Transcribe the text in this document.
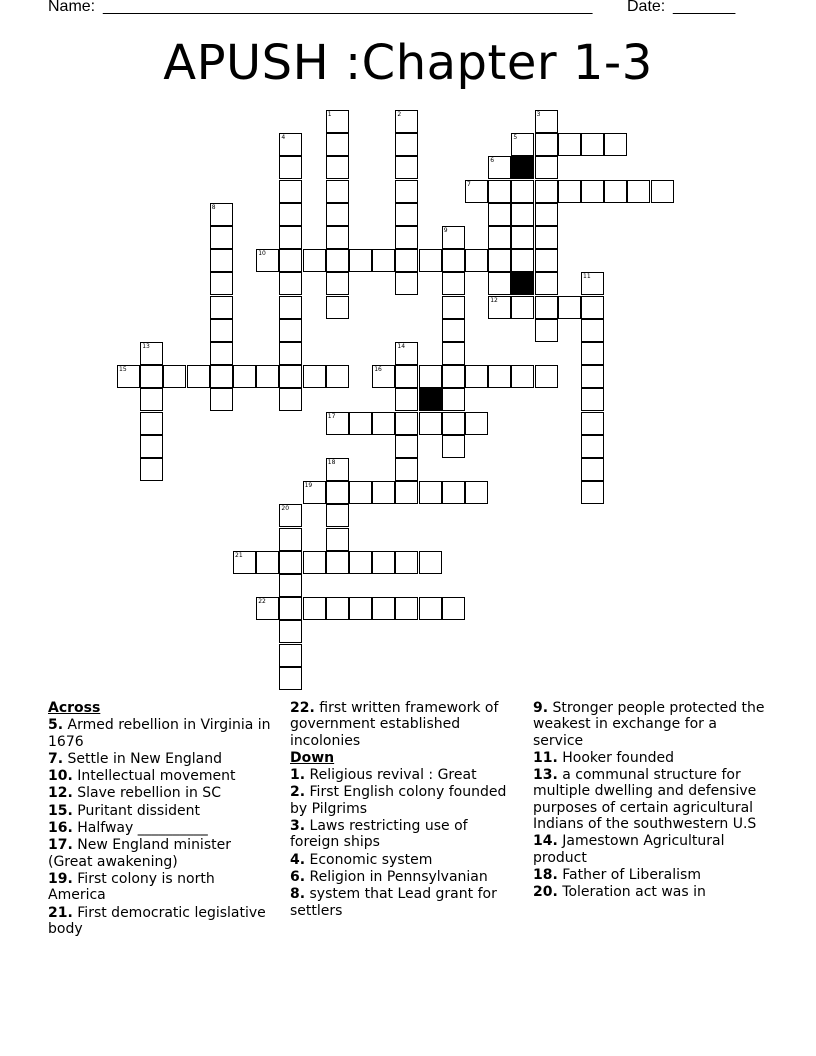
Name: _______________________________________________________ Date: _______
APUSH :Chapter 1-3
5
7
10
12
15	16
17
19
21
22
1	2	3
4
6
8
9
11
13	14
18
20
Across
5. Armed rebellion in Virginia in 1676
7. Settle in New England
10. Intellectual movement
12. Slave rebellion in SC
15. Puritant dissident
16. Halfway __________
17. New England minister (Great awakening)
19. First colony is north America
21. First democratic legislative body
22. first written framework of government established incolonies
Down
1. Religious revival : Great
2. First English colony founded by Pilgrims
3. Laws restricting use of foreign ships
4. Economic system
6. Religion in Pennsylvanian
8. system that Lead grant for settlers
9. Stronger people protected the weakest in exchange for a service
11. Hooker founded
13. a communal structure for multiple dwelling and defensive purposes of certain agricultural Indians of the southwestern U.S
14. Jamestown Agricultural product
18. Father of Liberalism
20. Toleration act was in
